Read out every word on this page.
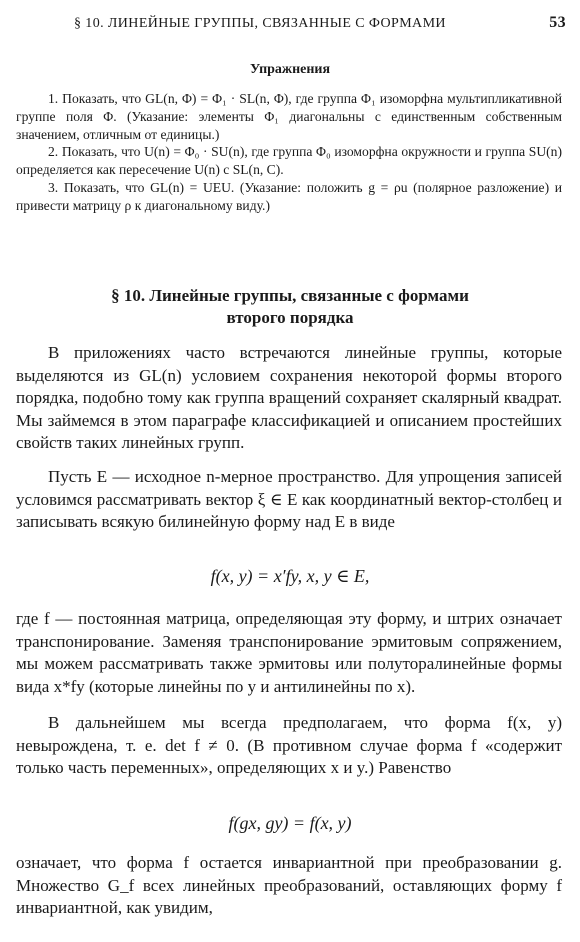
§ 10. ЛИНЕЙНЫЕ ГРУППЫ, СВЯЗАННЫЕ С ФОРМАМИ	53
Упражнения

1. Показать, что GL(n, Φ) = Φ₁ · SL(n, Φ), где группа Φ₁ изоморфна мультипликативной группе поля Φ. (Указание: элементы Φ₁ диагональны с единственным собственным значением, отличным от единицы.)

2. Показать, что U(n) = Φ₀ · SU(n), где группа Φ₀ изоморфна окружности и группа SU(n) определяется как пересечение U(n) с SL(n, C).

3. Показать, что GL(n) = UEU. (Указание: положить g = ρu (полярное разложение) и привести матрицу ρ к диагональному виду.)

§ 10. Линейные группы, связанные с формами
второго порядка

В приложениях часто встречаются линейные группы, которые выделяются из GL(n) условием сохранения некоторой формы второго порядка, подобно тому как группа вращений сохраняет скалярный квадрат. Мы займемся в этом параграфе классификацией и описанием простейших свойств таких линейных групп.

Пусть E — исходное n-мерное пространство. Для упрощения записей условимся рассматривать вектор ξ ∈ E как координатный вектор-столбец и записывать всякую билинейную форму над E в виде

f(x, y) = x′fy, x, y ∈ E,

где f — постоянная матрица, определяющая эту форму, и штрих означает транспонирование. Заменяя транспонирование эрмитовым сопряжением, мы можем рассматривать также эрмитовы или полуторалинейные формы вида x*fy (которые линейны по y и антилинейны по x).

В дальнейшем мы всегда предполагаем, что форма f(x, y) невырождена, т. е. det f ≠ 0. (В противном случае форма f «содержит только часть переменных», определяющих x и y.) Равенство

f(gx, gy) = f(x, y)

означает, что форма f остается инвариантной при преобразовании g. Множество G_f всех линейных преобразований, оставляющих форму f инвариантной, как увидим,
